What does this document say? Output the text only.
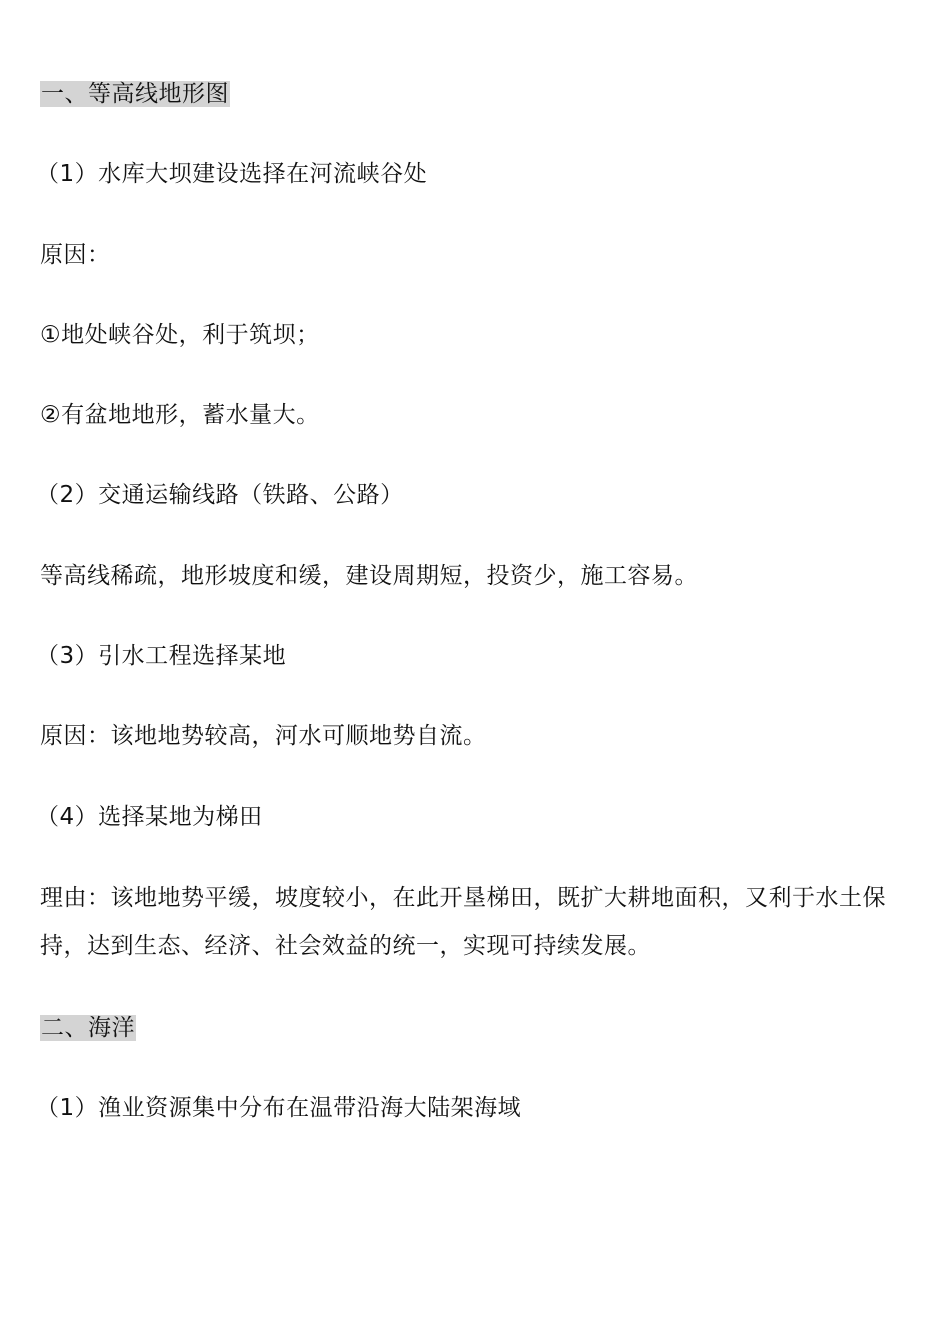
一、等高线地形图
（1）水库大坝建设选择在河流峡谷处
原因：
①地处峡谷处，利于筑坝；
②有盆地地形，蓄水量大。
（2）交通运输线路（铁路、公路）
等高线稀疏，地形坡度和缓，建设周期短，投资少，施工容易。
（3）引水工程选择某地
原因：该地地势较高，河水可顺地势自流。
（4）选择某地为梯田
理由：该地地势平缓，坡度较小，在此开垦梯田，既扩大耕地面积，又利于水土保持，达到生态、经济、社会效益的统一，实现可持续发展。
二、海洋
（1）渔业资源集中分布在温带沿海大陆架海域
